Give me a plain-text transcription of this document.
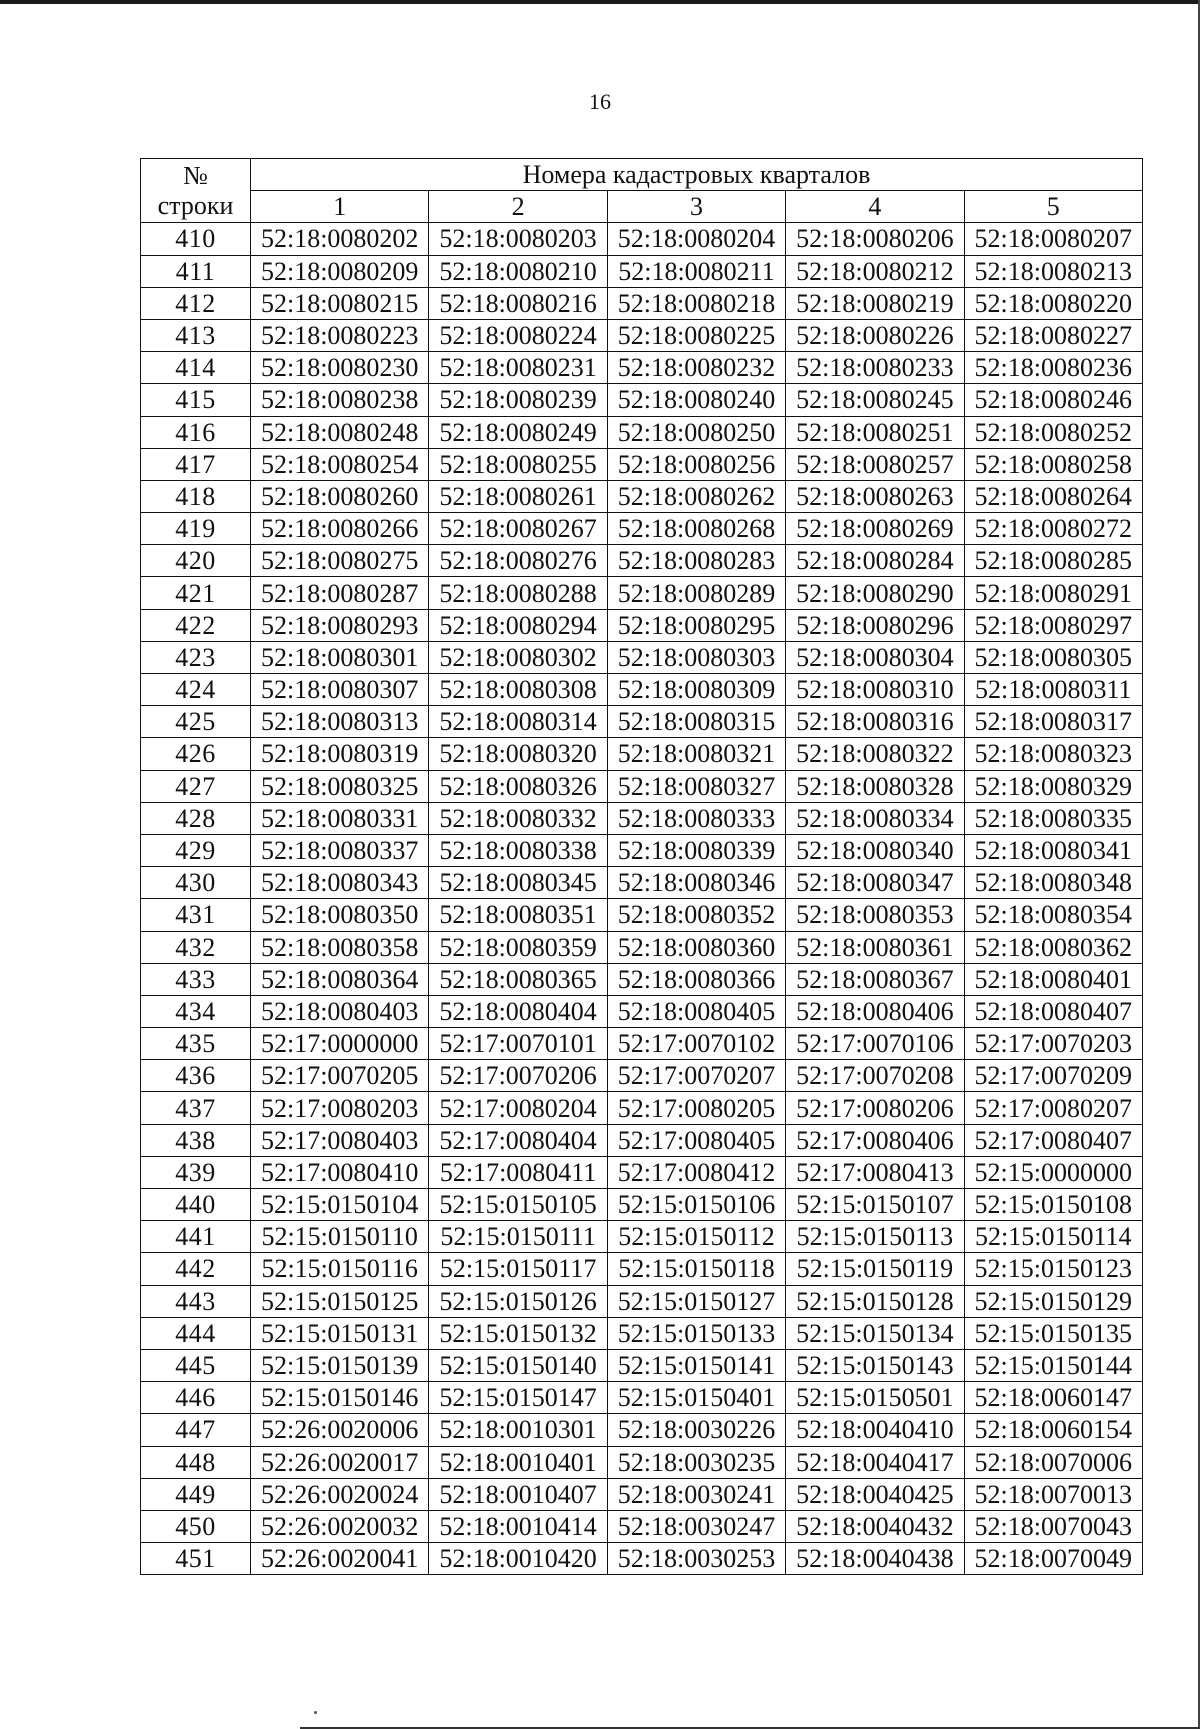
16
№
строки	Номера кадастровых кварталов				
	1	2	3	4	5
410	52:18:0080202	52:18:0080203	52:18:0080204	52:18:0080206	52:18:0080207
411	52:18:0080209	52:18:0080210	52:18:0080211	52:18:0080212	52:18:0080213
412	52:18:0080215	52:18:0080216	52:18:0080218	52:18:0080219	52:18:0080220
413	52:18:0080223	52:18:0080224	52:18:0080225	52:18:0080226	52:18:0080227
414	52:18:0080230	52:18:0080231	52:18:0080232	52:18:0080233	52:18:0080236
415	52:18:0080238	52:18:0080239	52:18:0080240	52:18:0080245	52:18:0080246
416	52:18:0080248	52:18:0080249	52:18:0080250	52:18:0080251	52:18:0080252
417	52:18:0080254	52:18:0080255	52:18:0080256	52:18:0080257	52:18:0080258
418	52:18:0080260	52:18:0080261	52:18:0080262	52:18:0080263	52:18:0080264
419	52:18:0080266	52:18:0080267	52:18:0080268	52:18:0080269	52:18:0080272
420	52:18:0080275	52:18:0080276	52:18:0080283	52:18:0080284	52:18:0080285
421	52:18:0080287	52:18:0080288	52:18:0080289	52:18:0080290	52:18:0080291
422	52:18:0080293	52:18:0080294	52:18:0080295	52:18:0080296	52:18:0080297
423	52:18:0080301	52:18:0080302	52:18:0080303	52:18:0080304	52:18:0080305
424	52:18:0080307	52:18:0080308	52:18:0080309	52:18:0080310	52:18:0080311
425	52:18:0080313	52:18:0080314	52:18:0080315	52:18:0080316	52:18:0080317
426	52:18:0080319	52:18:0080320	52:18:0080321	52:18:0080322	52:18:0080323
427	52:18:0080325	52:18:0080326	52:18:0080327	52:18:0080328	52:18:0080329
428	52:18:0080331	52:18:0080332	52:18:0080333	52:18:0080334	52:18:0080335
429	52:18:0080337	52:18:0080338	52:18:0080339	52:18:0080340	52:18:0080341
430	52:18:0080343	52:18:0080345	52:18:0080346	52:18:0080347	52:18:0080348
431	52:18:0080350	52:18:0080351	52:18:0080352	52:18:0080353	52:18:0080354
432	52:18:0080358	52:18:0080359	52:18:0080360	52:18:0080361	52:18:0080362
433	52:18:0080364	52:18:0080365	52:18:0080366	52:18:0080367	52:18:0080401
434	52:18:0080403	52:18:0080404	52:18:0080405	52:18:0080406	52:18:0080407
435	52:17:0000000	52:17:0070101	52:17:0070102	52:17:0070106	52:17:0070203
436	52:17:0070205	52:17:0070206	52:17:0070207	52:17:0070208	52:17:0070209
437	52:17:0080203	52:17:0080204	52:17:0080205	52:17:0080206	52:17:0080207
438	52:17:0080403	52:17:0080404	52:17:0080405	52:17:0080406	52:17:0080407
439	52:17:0080410	52:17:0080411	52:17:0080412	52:17:0080413	52:15:0000000
440	52:15:0150104	52:15:0150105	52:15:0150106	52:15:0150107	52:15:0150108
441	52:15:0150110	52:15:0150111	52:15:0150112	52:15:0150113	52:15:0150114
442	52:15:0150116	52:15:0150117	52:15:0150118	52:15:0150119	52:15:0150123
443	52:15:0150125	52:15:0150126	52:15:0150127	52:15:0150128	52:15:0150129
444	52:15:0150131	52:15:0150132	52:15:0150133	52:15:0150134	52:15:0150135
445	52:15:0150139	52:15:0150140	52:15:0150141	52:15:0150143	52:15:0150144
446	52:15:0150146	52:15:0150147	52:15:0150401	52:15:0150501	52:18:0060147
447	52:26:0020006	52:18:0010301	52:18:0030226	52:18:0040410	52:18:0060154
448	52:26:0020017	52:18:0010401	52:18:0030235	52:18:0040417	52:18:0070006
449	52:26:0020024	52:18:0010407	52:18:0030241	52:18:0040425	52:18:0070013
450	52:26:0020032	52:18:0010414	52:18:0030247	52:18:0040432	52:18:0070043
451	52:26:0020041	52:18:0010420	52:18:0030253	52:18:0040438	52:18:0070049
